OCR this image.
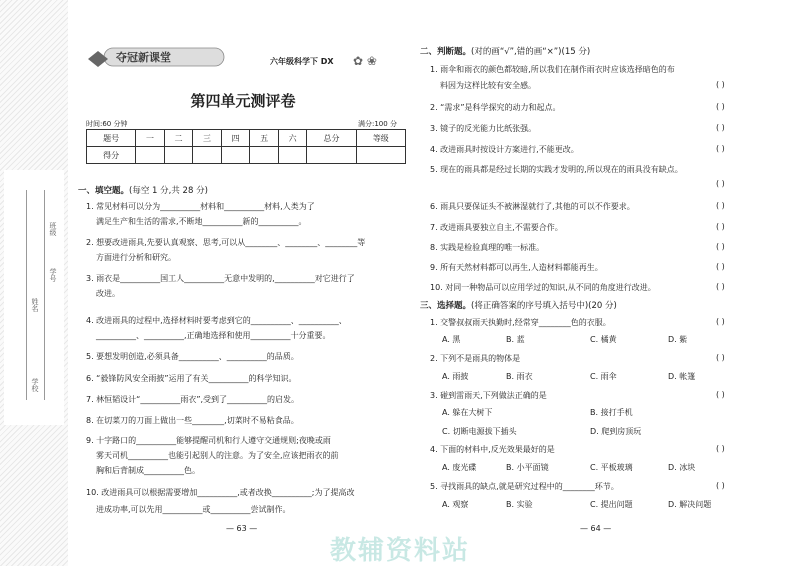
学校
班级
姓名
学号
夺冠新课堂	六年级科学下 DX ✿ ❀
第四单元测评卷
时间:60 分钟	满分:100 分
题号	一	二	三	四	五	六	总分	等级
得分								
一、填空题。(每空 1 分,共 28 分)
1. 常见材料可以分为__________材料和__________材料,人类为了
满足生产和生活的需求,不断地__________新的__________。
2. 想要改进雨具,先要认真观察、思考,可以从________、________、________等
方面进行分析和研究。
3. 雨衣是__________国工人__________无意中发明的,__________对它进行了
改进。
4. 改进雨具的过程中,选择材料时要考虑到它的__________、__________、
__________、__________,正确地选择和使用__________十分重要。
5. 要想发明创造,必须具备__________、__________的品质。
6. “毅锋防风安全雨披”运用了有关__________的科学知识。
7. 林恒韬设计“__________雨衣”,受到了__________的启发。
8. 在切菜刀的刀面上做出一些________,切菜时不易粘食品。
9. 十字路口的__________能够提醒司机和行人遵守交通规则;夜晚或雨
雾天司机__________也能引起别人的注意。为了安全,应该把雨衣的前
胸和后背制成__________色。
10. 改进雨具可以根据需要增加__________,或者改换__________;为了提高改
进成功率,可以先用__________或__________尝试制作。
— 63 —
二、判断题。(对的画“√”,错的画“×”)(15 分)
1. 雨伞和雨衣的颜色都较暗,所以我们在制作雨衣时应该选择暗色的布
料因为这样比较有安全感。	( )
2. “需求”是科学探究的动力和起点。	( )
3. 镜子的反光能力比纸张强。	( )
4. 改进雨具时按设计方案进行,不能更改。	( )
5. 现在的雨具都是经过长期的实践才发明的,所以现在的雨具没有缺点。
( )
6. 雨具只要保证头不被淋湿就行了,其他的可以不作要求。	( )
7. 改进雨具要独立自主,不需要合作。	( )
8. 实践是检验真理的唯一标准。	( )
9. 所有天然材料都可以再生,人造材料都能再生。	( )
10. 对同一种物品可以应用学过的知识,从不同的角度进行改进。	( )
三、选择题。(将正确答案的序号填入括号中)(20 分)
1. 交警叔叔雨天执勤时,经常穿________色的衣服。	( )
A. 黑	B. 蓝	C. 橘黄	D. 紫
2. 下列不是雨具的物体是	( )
A. 雨披	B. 雨衣	C. 雨伞	D. 帐篷
3. 碰到雷雨天,下列做法正确的是	( )
A. 躲在大树下	B. 接打手机
C. 切断电源拔下插头	D. 爬到房顶玩
4. 下面的材料中,反光效果最好的是	( )
A. 废光碟	B. 小平面镜	C. 平板玻璃	D. 冰块
5. 寻找雨具的缺点,就是研究过程中的________环节。	( )
A. 观察	B. 实验	C. 提出问题	D. 解决问题
— 64 —
教辅资料站
